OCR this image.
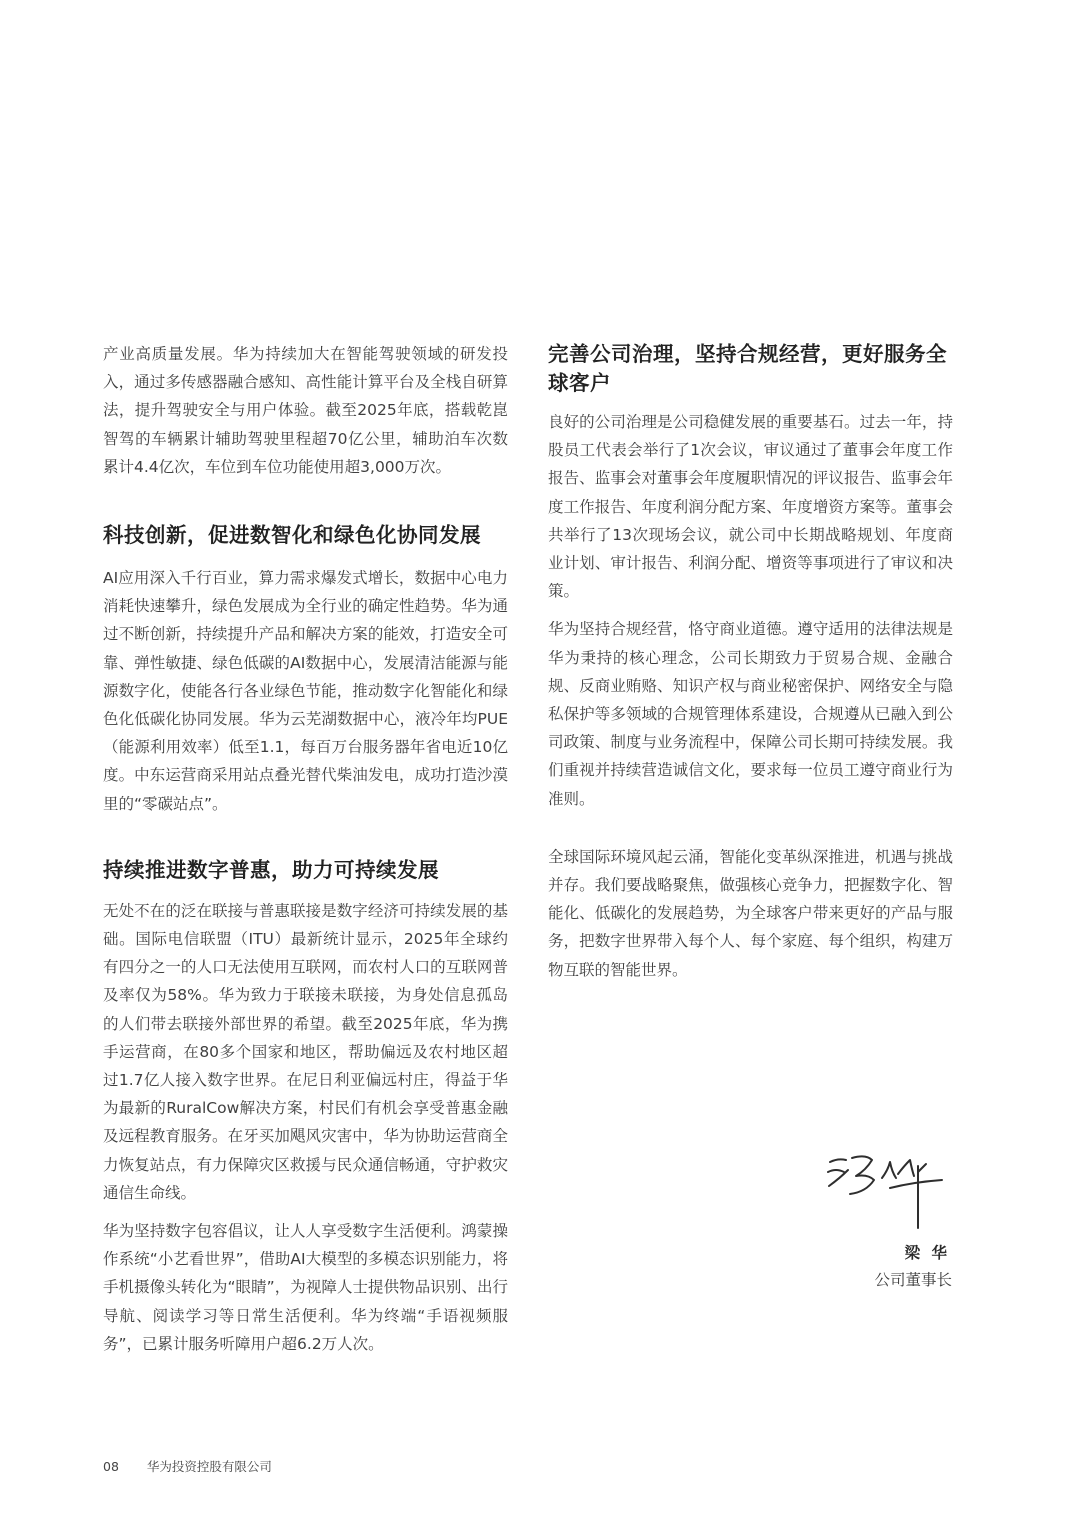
产业高质量发展。华为持续加大在智能驾驶领域的研发投入，通过多传感器融合感知、高性能计算平台及全栈自研算法，提升驾驶安全与用户体验。截至2025年底，搭载乾崑智驾的车辆累计辅助驾驶里程超70亿公里，辅助泊车次数累计4.4亿次，车位到车位功能使用超3,000万次。

科技创新，促进数智化和绿色化协同发展

AI应用深入千行百业，算力需求爆发式增长，数据中心电力消耗快速攀升，绿色发展成为全行业的确定性趋势。华为通过不断创新，持续提升产品和解决方案的能效，打造安全可靠、弹性敏捷、绿色低碳的AI数据中心，发展清洁能源与能源数字化，使能各行各业绿色节能，推动数字化智能化和绿色化低碳化协同发展。华为云芜湖数据中心，液冷年均PUE（能源利用效率）低至1.1，每百万台服务器年省电近10亿度。中东运营商采用站点叠光替代柴油发电，成功打造沙漠里的“零碳站点”。

持续推进数字普惠，助力可持续发展

无处不在的泛在联接与普惠联接是数字经济可持续发展的基础。国际电信联盟（ITU）最新统计显示，2025年全球约有四分之一的人口无法使用互联网，而农村人口的互联网普及率仅为58%。华为致力于联接未联接，为身处信息孤岛的人们带去联接外部世界的希望。截至2025年底，华为携手运营商，在80多个国家和地区，帮助偏远及农村地区超过1.7亿人接入数字世界。在尼日利亚偏远村庄，得益于华为最新的RuralCow解决方案，村民们有机会享受普惠金融及远程教育服务。在牙买加飓风灾害中，华为协助运营商全力恢复站点，有力保障灾区救援与民众通信畅通，守护救灾通信生命线。

华为坚持数字包容倡议，让人人享受数字生活便利。鸿蒙操作系统“小艺看世界”，借助AI大模型的多模态识别能力，将手机摄像头转化为“眼睛”，为视障人士提供物品识别、出行导航、阅读学习等日常生活便利。华为终端“手语视频服务”，已累计服务听障用户超6.2万人次。

完善公司治理，坚持合规经营，更好服务全球客户

良好的公司治理是公司稳健发展的重要基石。过去一年，持股员工代表会举行了1次会议，审议通过了董事会年度工作报告、监事会对董事会年度履职情况的评议报告、监事会年度工作报告、年度利润分配方案、年度增资方案等。董事会共举行了13次现场会议，就公司中长期战略规划、年度商业计划、审计报告、利润分配、增资等事项进行了审议和决策。

华为坚持合规经营，恪守商业道德。遵守适用的法律法规是华为秉持的核心理念，公司长期致力于贸易合规、金融合规、反商业贿赂、知识产权与商业秘密保护、网络安全与隐私保护等多领域的合规管理体系建设，合规遵从已融入到公司政策、制度与业务流程中，保障公司长期可持续发展。我们重视并持续营造诚信文化，要求每一位员工遵守商业行为准则。

全球国际环境风起云涌，智能化变革纵深推进，机遇与挑战并存。我们要战略聚焦，做强核心竞争力，把握数字化、智能化、低碳化的发展趋势，为全球客户带来更好的产品与服务，把数字世界带入每个人、每个家庭、每个组织，构建万物互联的智能世界。

梁 华
公司董事长
08 华为投资控股有限公司
